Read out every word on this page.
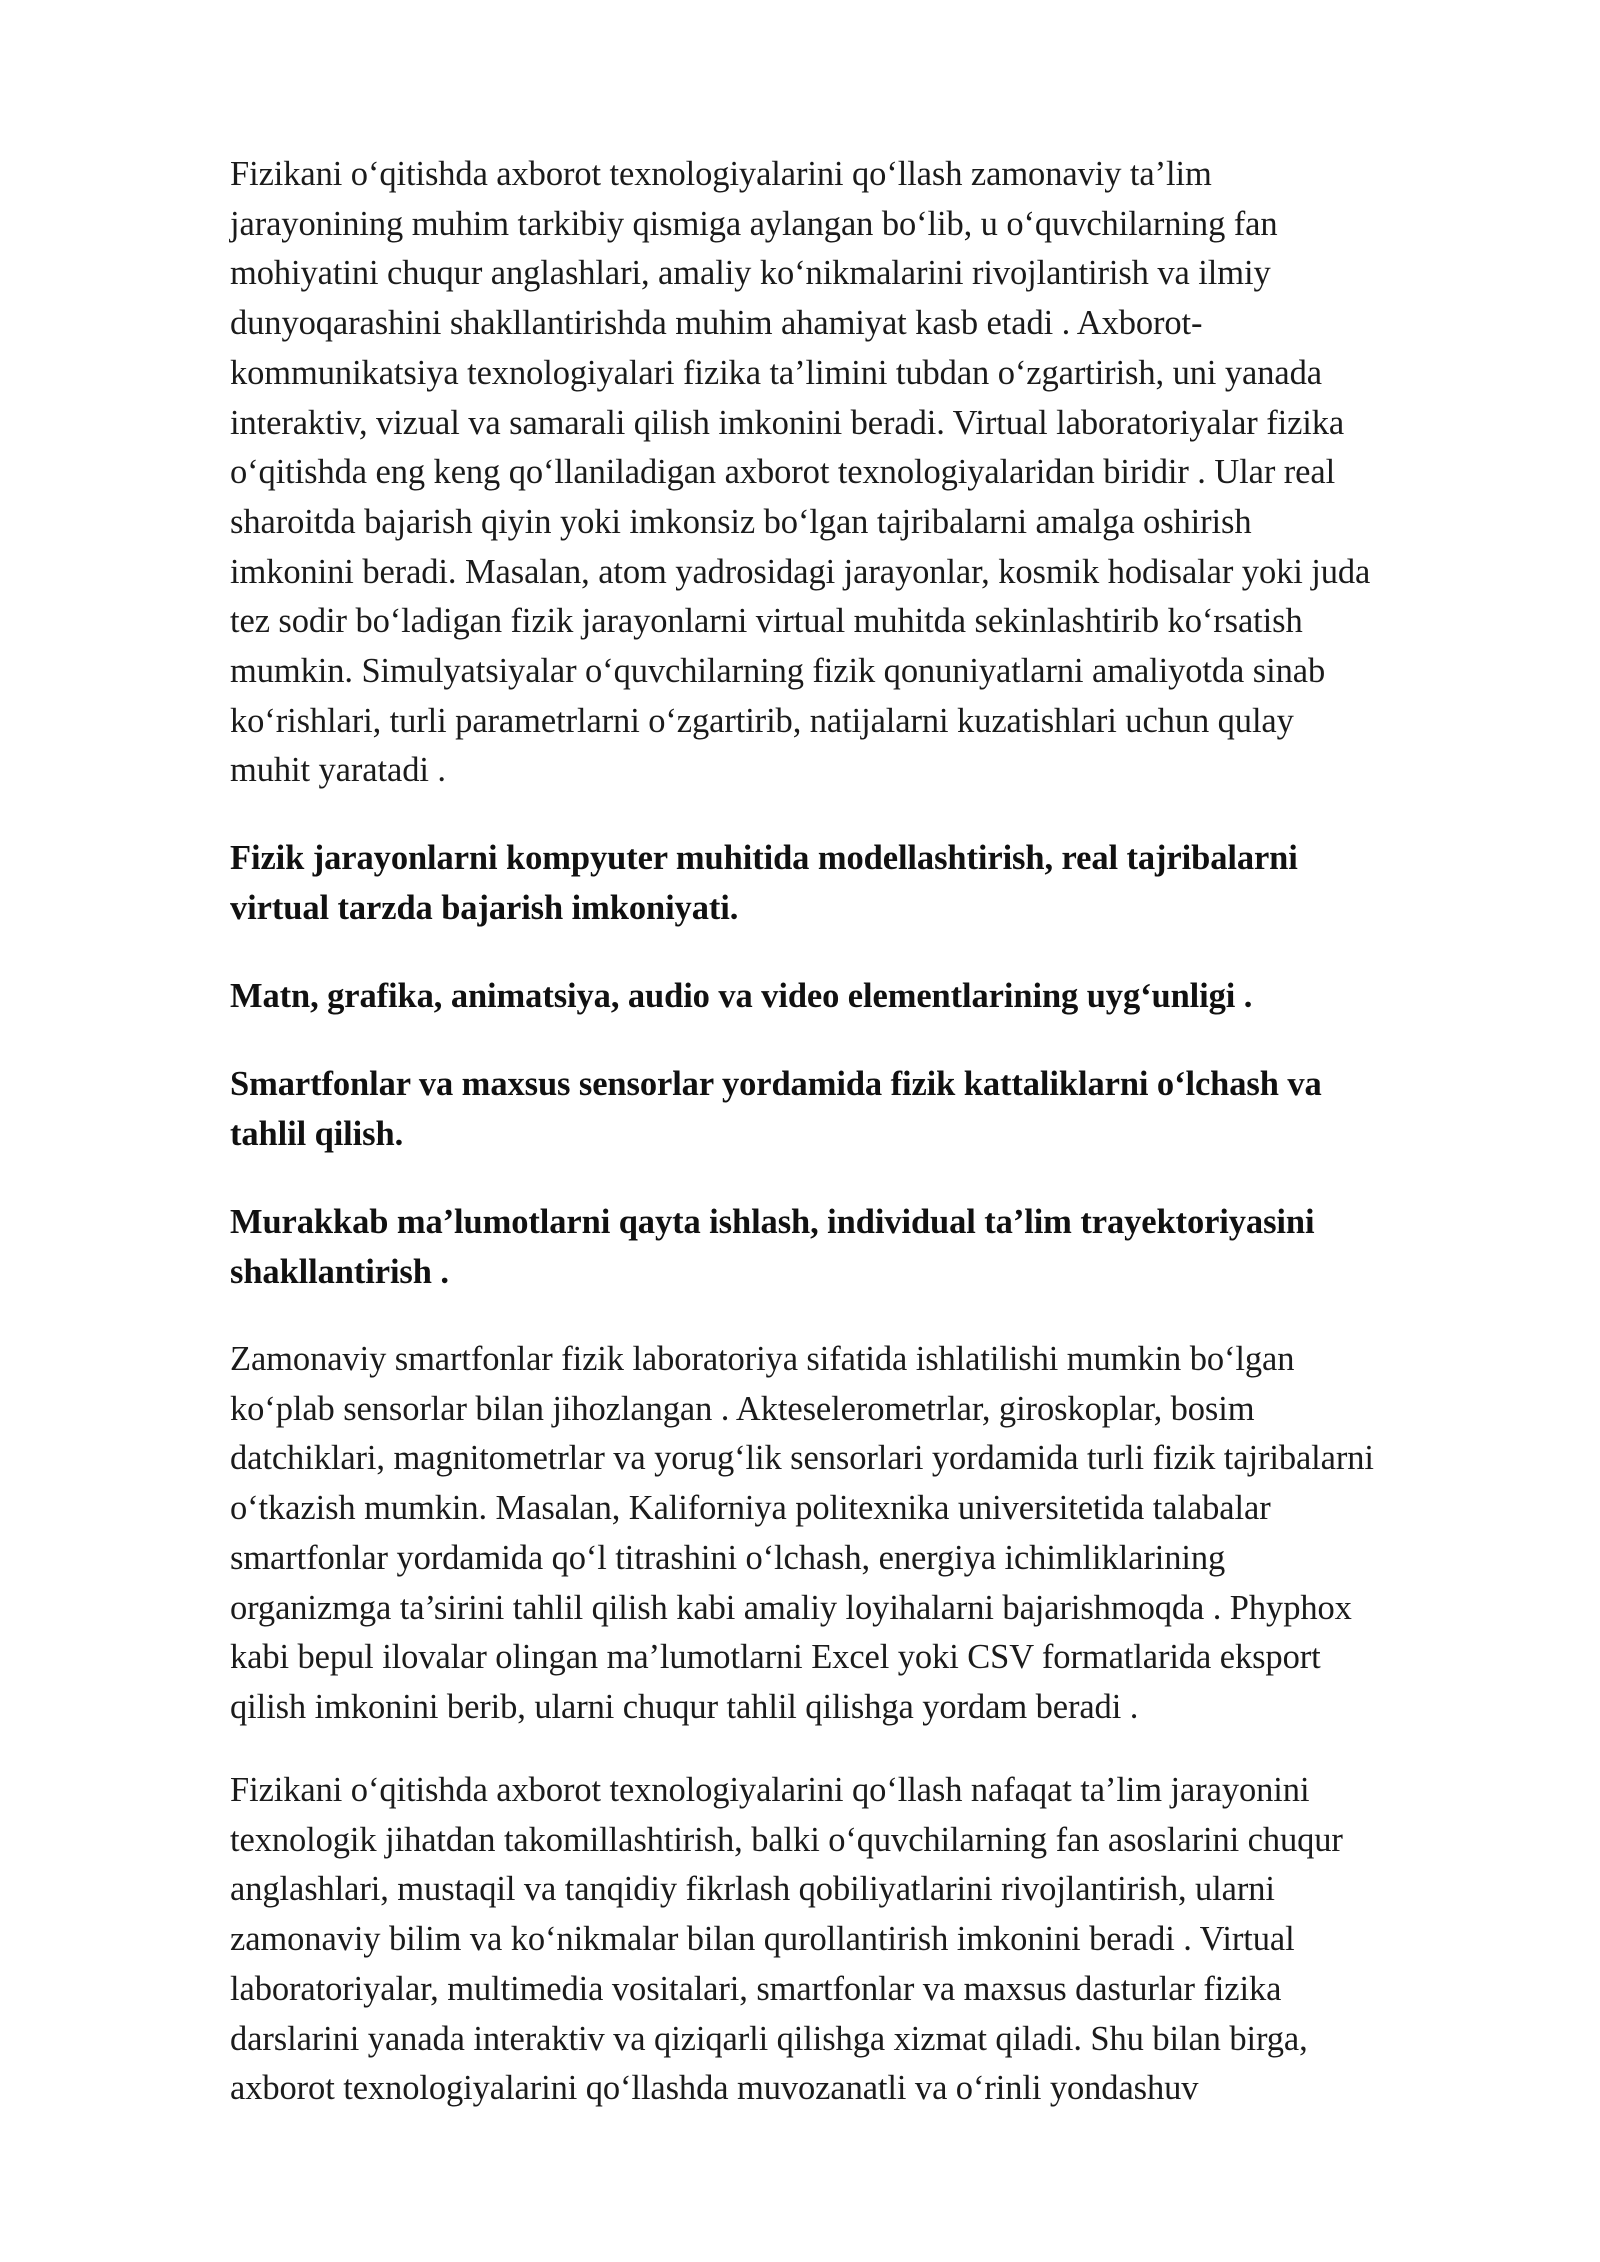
Fizikani o‘qitishda axborot texnologiyalarini qo‘llash zamonaviy ta’lim
jarayonining muhim tarkibiy qismiga aylangan bo‘lib, u o‘quvchilarning fan
mohiyatini chuqur anglashlari, amaliy ko‘nikmalarini rivojlantirish va ilmiy
dunyoqarashini shakllantirishda muhim ahamiyat kasb etadi . Axborot-
kommunikatsiya texnologiyalari fizika ta’limini tubdan o‘zgartirish, uni yanada
interaktiv, vizual va samarali qilish imkonini beradi. Virtual laboratoriyalar fizika
o‘qitishda eng keng qo‘llaniladigan axborot texnologiyalaridan biridir . Ular real
sharoitda bajarish qiyin yoki imkonsiz bo‘lgan tajribalarni amalga oshirish
imkonini beradi. Masalan, atom yadrosidagi jarayonlar, kosmik hodisalar yoki juda
tez sodir bo‘ladigan fizik jarayonlarni virtual muhitda sekinlashtirib ko‘rsatish
mumkin. Simulyatsiyalar o‘quvchilarning fizik qonuniyatlarni amaliyotda sinab
ko‘rishlari, turli parametrlarni o‘zgartirib, natijalarni kuzatishlari uchun qulay
muhit yaratadi .
Fizik jarayonlarni kompyuter muhitida modellashtirish, real tajribalarni
virtual tarzda bajarish imkoniyati.
Matn, grafika, animatsiya, audio va video elementlarining uyg‘unligi .
Smartfonlar va maxsus sensorlar yordamida fizik kattaliklarni o‘lchash va
tahlil qilish.
Murakkab ma’lumotlarni qayta ishlash, individual ta’lim trayektoriyasini
shakllantirish .
Zamonaviy smartfonlar fizik laboratoriya sifatida ishlatilishi mumkin bo‘lgan
ko‘plab sensorlar bilan jihozlangan . Akteselerometrlar, giroskoplar, bosim
datchiklari, magnitometrlar va yorug‘lik sensorlari yordamida turli fizik tajribalarni
o‘tkazish mumkin. Masalan, Kaliforniya politexnika universitetida talabalar
smartfonlar yordamida qo‘l titrashini o‘lchash, energiya ichimliklarining
organizmga ta’sirini tahlil qilish kabi amaliy loyihalarni bajarishmoqda . Phyphox
kabi bepul ilovalar olingan ma’lumotlarni Excel yoki CSV formatlarida eksport
qilish imkonini berib, ularni chuqur tahlil qilishga yordam beradi .
Fizikani o‘qitishda axborot texnologiyalarini qo‘llash nafaqat ta’lim jarayonini
texnologik jihatdan takomillashtirish, balki o‘quvchilarning fan asoslarini chuqur
anglashlari, mustaqil va tanqidiy fikrlash qobiliyatlarini rivojlantirish, ularni
zamonaviy bilim va ko‘nikmalar bilan qurollantirish imkonini beradi . Virtual
laboratoriyalar, multimedia vositalari, smartfonlar va maxsus dasturlar fizika
darslarini yanada interaktiv va qiziqarli qilishga xizmat qiladi. Shu bilan birga,
axborot texnologiyalarini qo‘llashda muvozanatli va o‘rinli yondashuv
